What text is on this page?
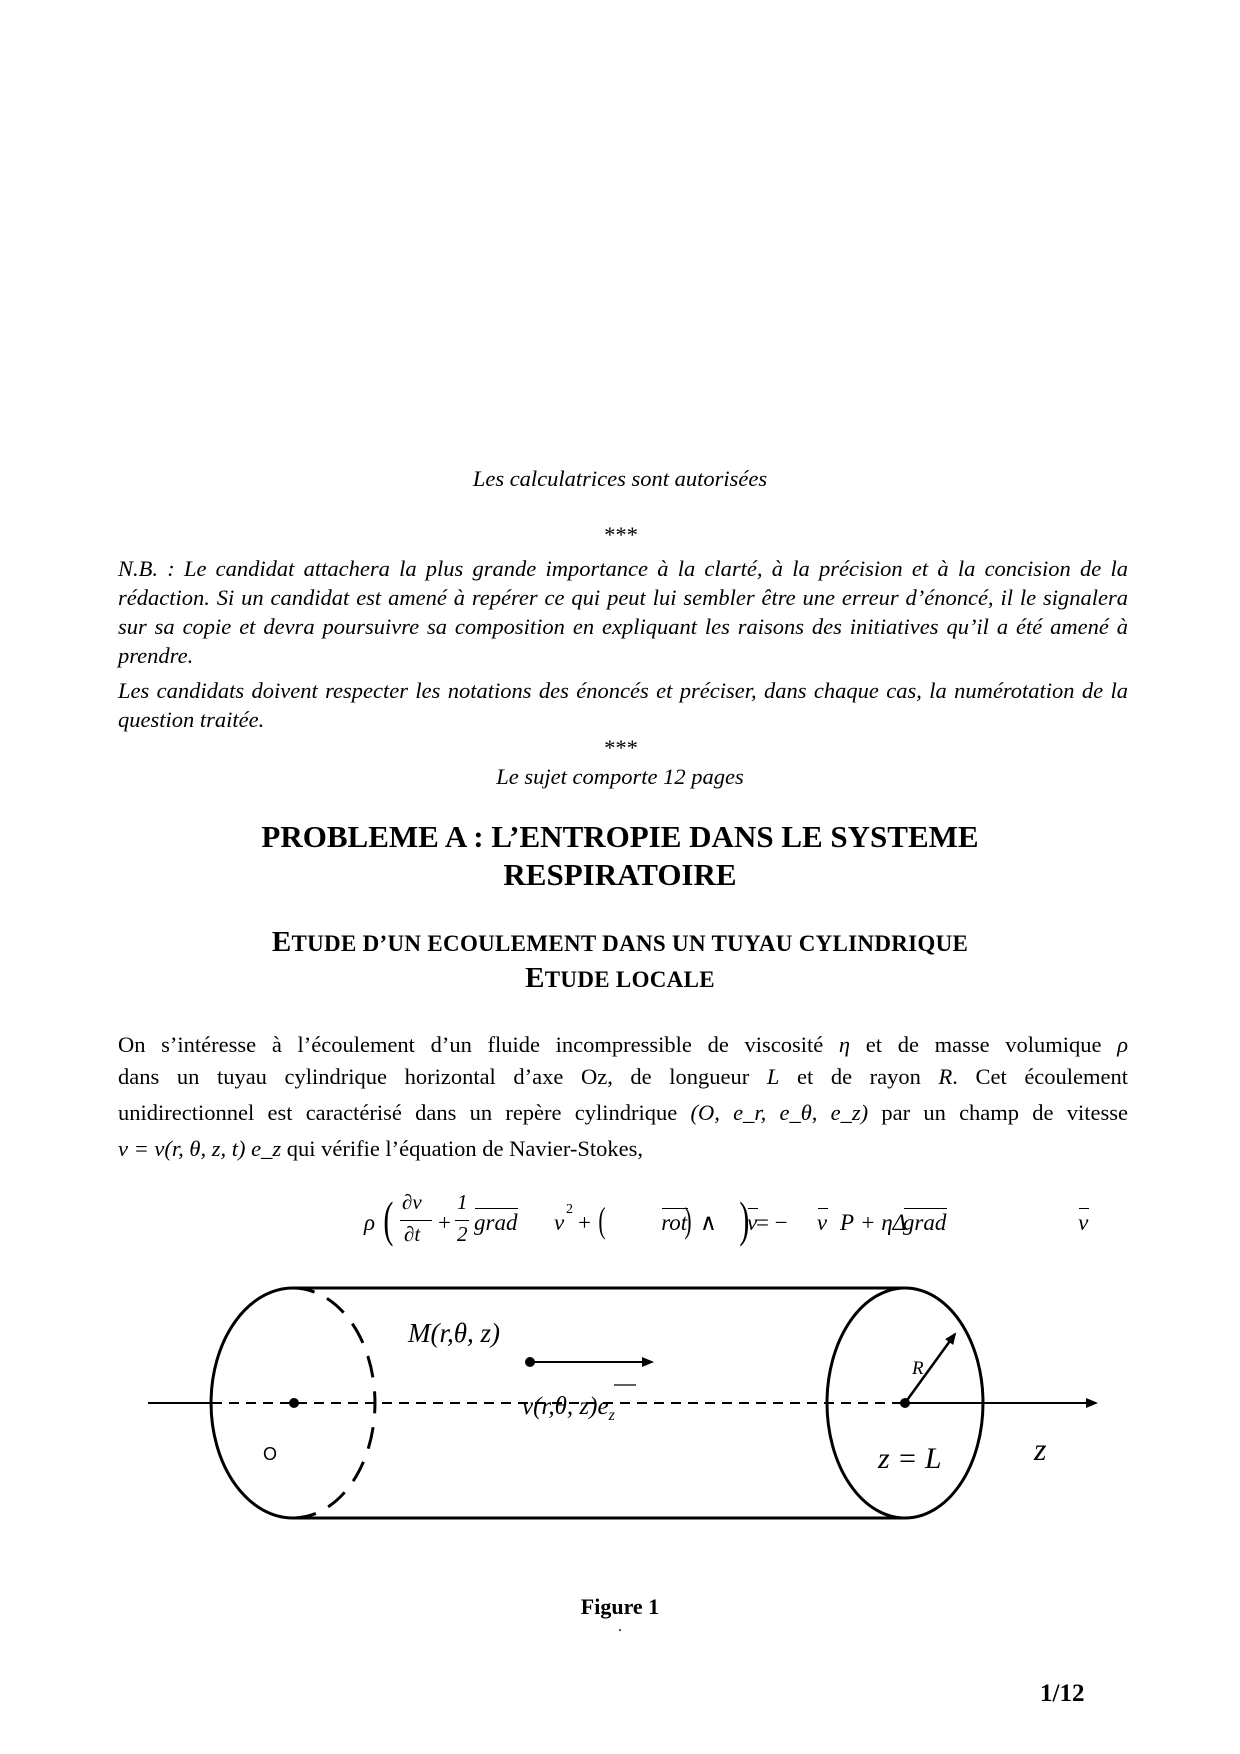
Les calculatrices sont autorisées
***
N.B. : Le candidat attachera la plus grande importance à la clarté, à la précision et à la concision de la rédaction. Si un candidat est amené à repérer ce qui peut lui sembler être une erreur d’énoncé, il le signalera sur sa copie et devra poursuivre sa composition en expliquant les raisons des initiatives qu’il a été amené à prendre.
Les candidats doivent respecter les notations des énoncés et préciser, dans chaque cas, la numérotation de la question traitée.
***
Le sujet comporte 12 pages
PROBLEME A : L’ENTROPIE DANS LE SYSTEME
RESPIRATOIRE
ETUDE D’UN ECOULEMENT DANS UN TUYAU CYLINDRIQUE
ETUDE LOCALE
On s’intéresse à l’écoulement d’un fluide incompressible de viscosité η et de masse volumique ρ
dans un tuyau cylindrique horizontal d’axe Oz, de longueur L et de rayon R. Cet écoulement
unidirectionnel est caractérisé dans un repère cylindrique (O, e_r, e_θ, e_z) par un champ de vitesse
v = v(r, θ, z, t) e_z qui vérifie l’équation de Navier-Stokes,
ρ ( ∂v
∂t +
1
2 grad v
2
+ ( rot	v
) ∧	v
) = −	grad
P + ηΔ	v
M(r,θ, z)
v(r,θ, $z)e_z$
R
O	z = L	z
Figure 1
.
1/12
